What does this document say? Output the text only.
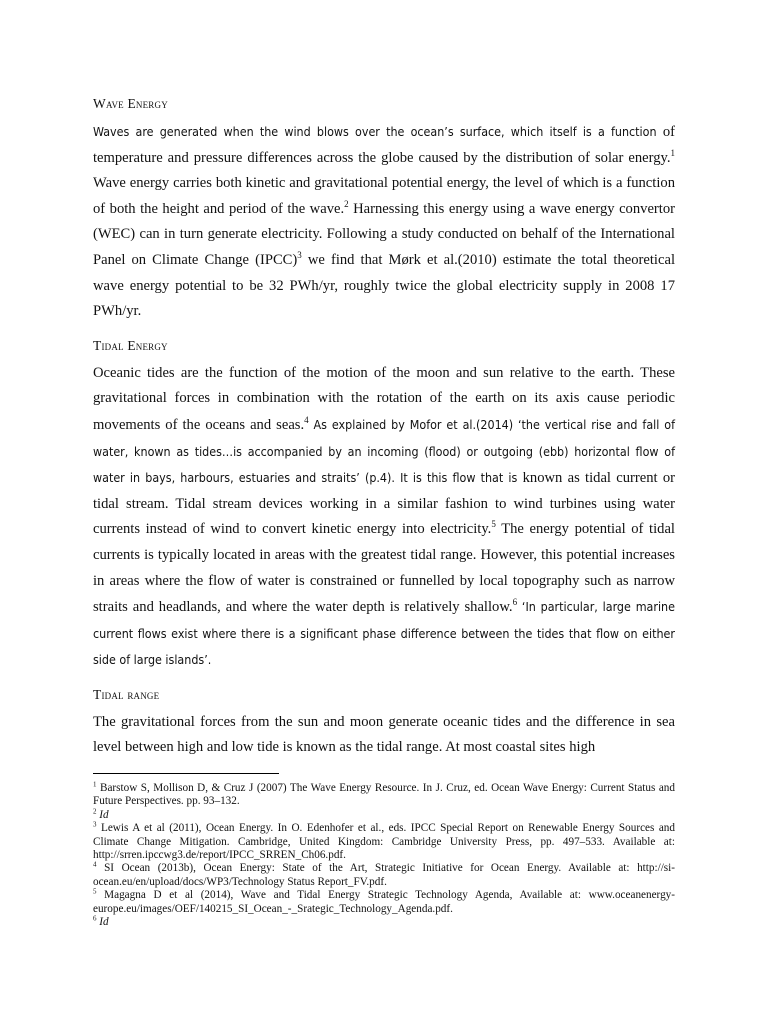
Wave Energy

Waves are generated when the wind blows over the ocean’s surface, which itself is a function of temperature and pressure differences across the globe caused by the distribution of solar energy.$^1$ Wave energy carries both kinetic and gravitational potential energy, the level of which is a function of both the height and period of the wave.$^2$ Harnessing this energy using a wave energy convertor (WEC) can in turn generate electricity. Following a study conducted on behalf of the International Panel on Climate Change (IPCC)$^3$ we find that Mørk et al.(2010) estimate the total theoretical wave energy potential to be 32 PWh/yr, roughly twice the global electricity supply in 2008 17 PWh/yr.

Tidal Energy

Oceanic tides are the function of the motion of the moon and sun relative to the earth. These gravitational forces in combination with the rotation of the earth on its axis cause periodic movements of the oceans and seas.$^4$ As explained by Mofor et al.(2014) ‘the vertical rise and fall of water, known as tides…is accompanied by an incoming (flood) or outgoing (ebb) horizontal flow of water in bays, harbours, estuaries and straits’ (p.4). It is this flow that is known as tidal current or tidal stream. Tidal stream devices working in a similar fashion to wind turbines using water currents instead of wind to convert kinetic energy into electricity.$^5$ The energy potential of tidal currents is typically located in areas with the greatest tidal range. However, this potential increases in areas where the flow of water is constrained or funnelled by local topography such as narrow straits and headlands, and where the water depth is relatively shallow.$^6$ ‘In particular, large marine current flows exist where there is a significant phase difference between the tides that flow on either side of large islands’.

Tidal range

The gravitational forces from the sun and moon generate oceanic tides and the difference in sea level between high and low tide is known as the tidal range. At most coastal sites high

$^1$ Barstow S, Mollison D, & Cruz J (2007) The Wave Energy Resource. In J. Cruz, ed. Ocean Wave Energy: Current Status and Future Perspectives. pp. 93–132.

$^2$ Id

$^3$ Lewis A et al (2011), Ocean Energy. In O. Edenhofer et al., eds. IPCC Special Report on Renewable Energy Sources and Climate Change Mitigation. Cambridge, United Kingdom: Cambridge University Press, pp. 497–533. Available at: http://srren.ipccwg3.de/report/IPCC_SRREN_Ch06.pdf.

$^4$ SI Ocean (2013b), Ocean Energy: State of the Art, Strategic Initiative for Ocean Energy. Available at: http://si-ocean.eu/en/upload/docs/WP3/Technology Status Report_FV.pdf.

$^5$ Magagna D et al (2014), Wave and Tidal Energy Strategic Technology Agenda, Available at: www.oceanenergy-europe.eu/images/OEF/140215_SI_Ocean_-_Srategic_Technology_Agenda.pdf.

$^6$ Id
